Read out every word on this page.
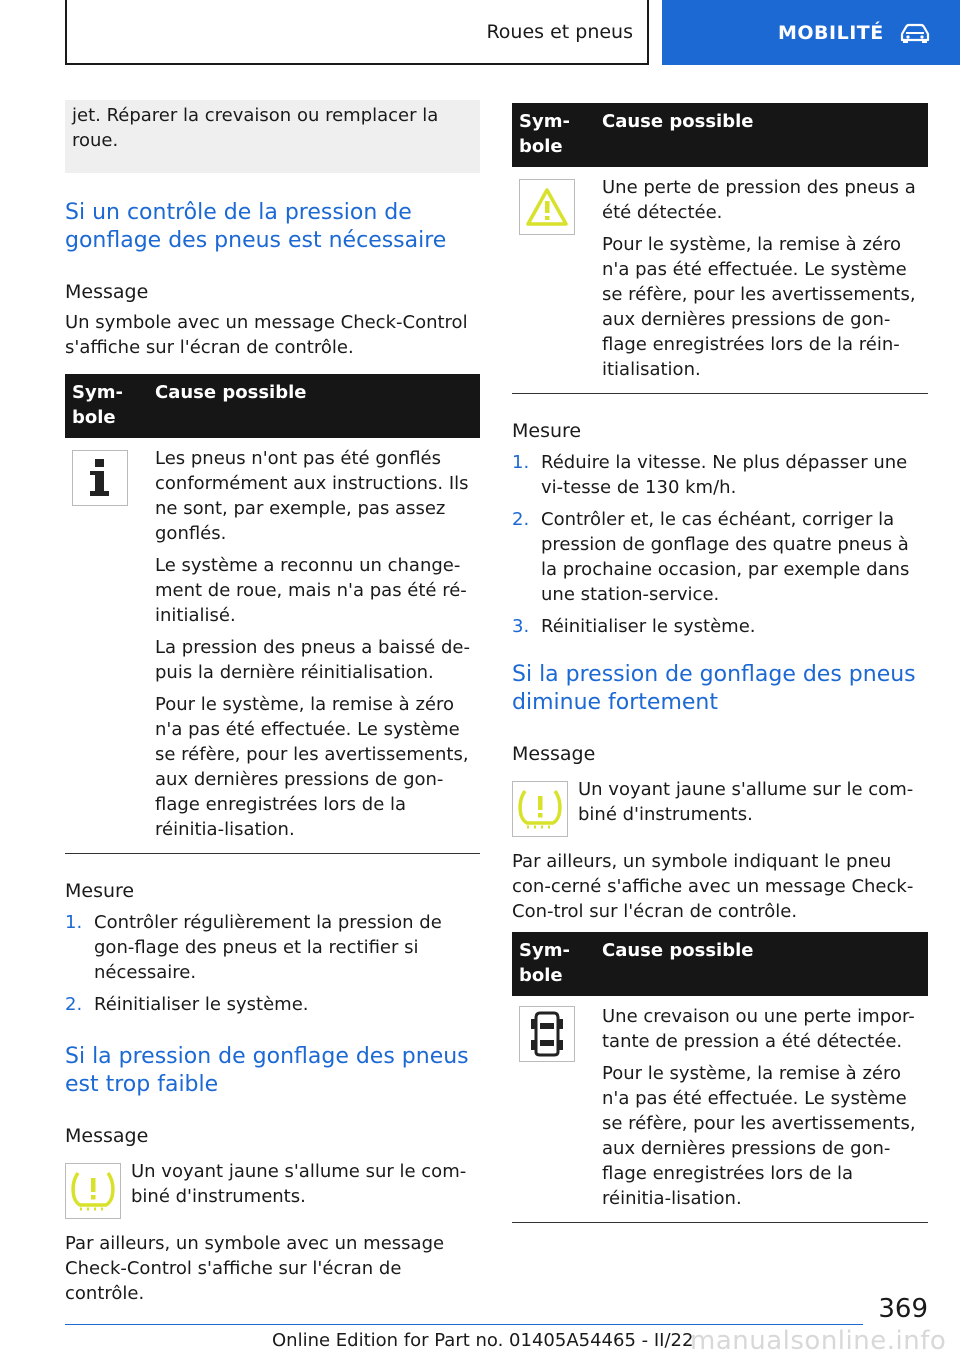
Roues et pneus	MOBILITÉ
jet. Réparer la crevaison ou remplacer la roue.
Si un contrôle de la pression de gonflage des pneus est nécessaire
Message

Un symbole avec un message Check-Control s'affiche sur l'écran de contrôle.

Sym-
bole	Cause possible

Les pneus n'ont pas été gonflés conformément aux instructions. Ils ne sont, par exemple, pas assez gonflés.

Le système a reconnu un change-ment de roue, mais n'a pas été ré-initialisé.

La pression des pneus a baissé de-puis la dernière réinitialisation.

Pour le système, la remise à zéro n'a pas été effectuée. Le système se réfère, pour les avertissements, aux dernières pressions de gon-flage enregistrées lors de la réinitia-lisation.

Mesure
1. Contrôler régulièrement la pression de gon-flage des pneus et la rectifier si nécessaire.
2. Réinitialiser le système.
Si la pression de gonflage des pneus est trop faible
Message

Un voyant jaune s'allume sur le com-biné d'instruments.

Par ailleurs, un symbole avec un message Check-Control s'affiche sur l'écran de contrôle.

Sym-
bole	Cause possible

Une perte de pression des pneus a été détectée.

Pour le système, la remise à zéro n'a pas été effectuée. Le système se réfère, pour les avertissements, aux dernières pressions de gon-flage enregistrées lors de la réin-itialisation.

Mesure
1. Réduire la vitesse. Ne plus dépasser une vi-tesse de 130 km/h.
2. Contrôler et, le cas échéant, corriger la pression de gonflage des quatre pneus à la prochaine occasion, par exemple dans une station-service.
3. Réinitialiser le système.
Si la pression de gonflage des pneus diminue fortement
Message

Un voyant jaune s'allume sur le com-biné d'instruments.

Par ailleurs, un symbole indiquant le pneu con-cerné s'affiche avec un message Check-Con-trol sur l'écran de contrôle.

Sym-
bole	Cause possible

Une crevaison ou une perte impor-tante de pression a été détectée.

Pour le système, la remise à zéro n'a pas été effectuée. Le système se réfère, pour les avertissements, aux dernières pressions de gon-flage enregistrées lors de la réinitia-lisation.

369
Online Edition for Part no. 01405A54465 - II/22
manualsonline.info
